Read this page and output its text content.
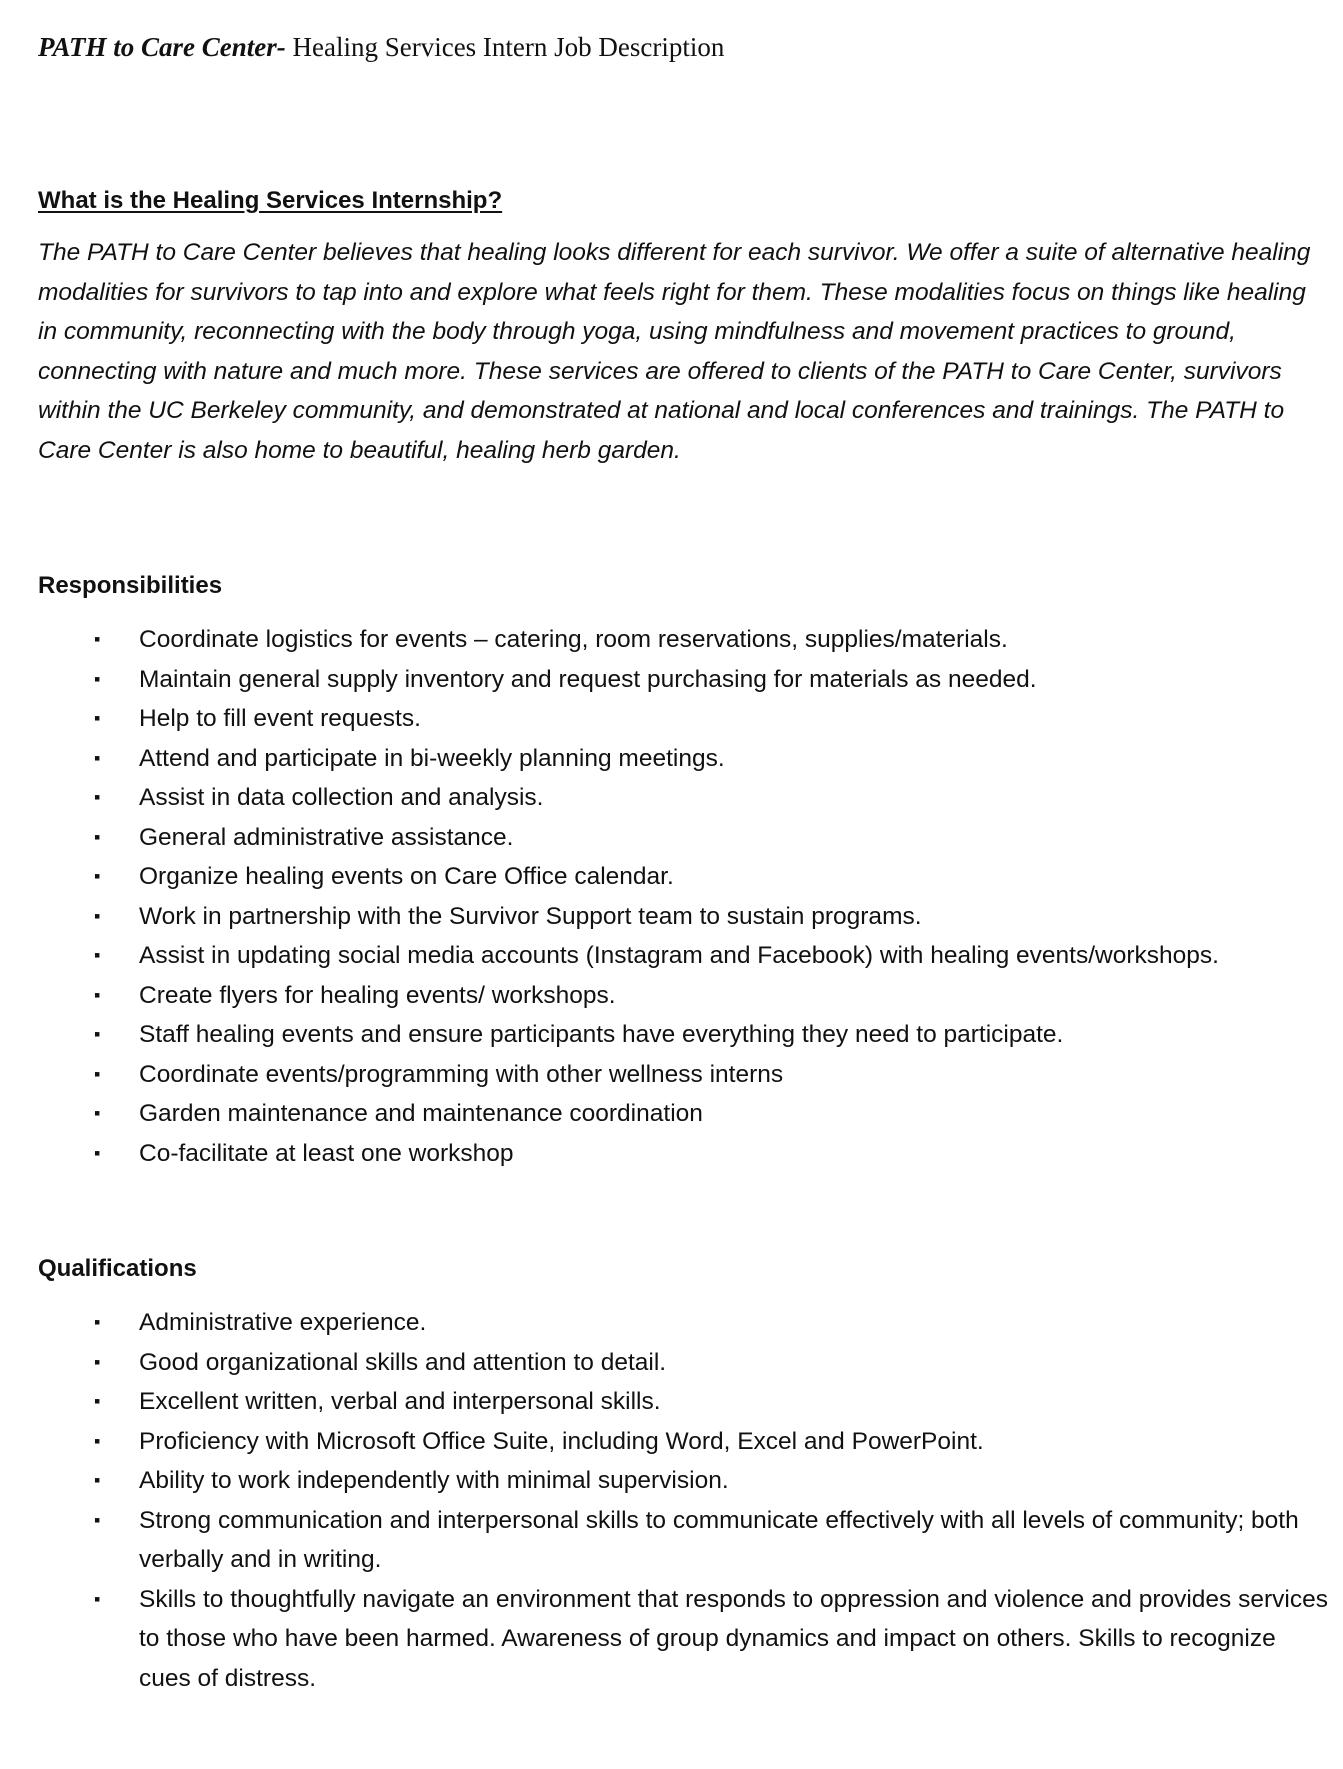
PATH to Care Center- Healing Services Intern Job Description

What is the Healing Services Internship?

The PATH to Care Center believes that healing looks different for each survivor. We offer a suite of alternative healing modalities for survivors to tap into and explore what feels right for them. These modalities focus on things like healing in community, reconnecting with the body through yoga, using mindfulness and movement practices to ground, connecting with nature and much more. These services are offered to clients of the PATH to Care Center, survivors within the UC Berkeley community, and demonstrated at national and local conferences and trainings. The PATH to Care Center is also home to beautiful, healing herb garden.

Responsibilities
▪ Coordinate logistics for events – catering, room reservations, supplies/materials.
▪ Maintain general supply inventory and request purchasing for materials as needed.
▪ Help to fill event requests.
▪ Attend and participate in bi-weekly planning meetings.
▪ Assist in data collection and analysis.
▪ General administrative assistance.
▪ Organize healing events on Care Office calendar.
▪ Work in partnership with the Survivor Support team to sustain programs.
▪ Assist in updating social media accounts (Instagram and Facebook) with healing events/workshops.
▪ Create flyers for healing events/ workshops.
▪ Staff healing events and ensure participants have everything they need to participate.
▪ Coordinate events/programming with other wellness interns
▪ Garden maintenance and maintenance coordination
▪ Co-facilitate at least one workshop
Qualifications
▪ Administrative experience.
▪ Good organizational skills and attention to detail.
▪ Excellent written, verbal and interpersonal skills.
▪ Proficiency with Microsoft Office Suite, including Word, Excel and PowerPoint.
▪ Ability to work independently with minimal supervision.
▪ Strong communication and interpersonal skills to communicate effectively with all levels of community; both verbally and in writing.
▪ Skills to thoughtfully navigate an environment that responds to oppression and violence and provides services to those who have been harmed. Awareness of group dynamics and impact on others. Skills to recognize cues of distress.
